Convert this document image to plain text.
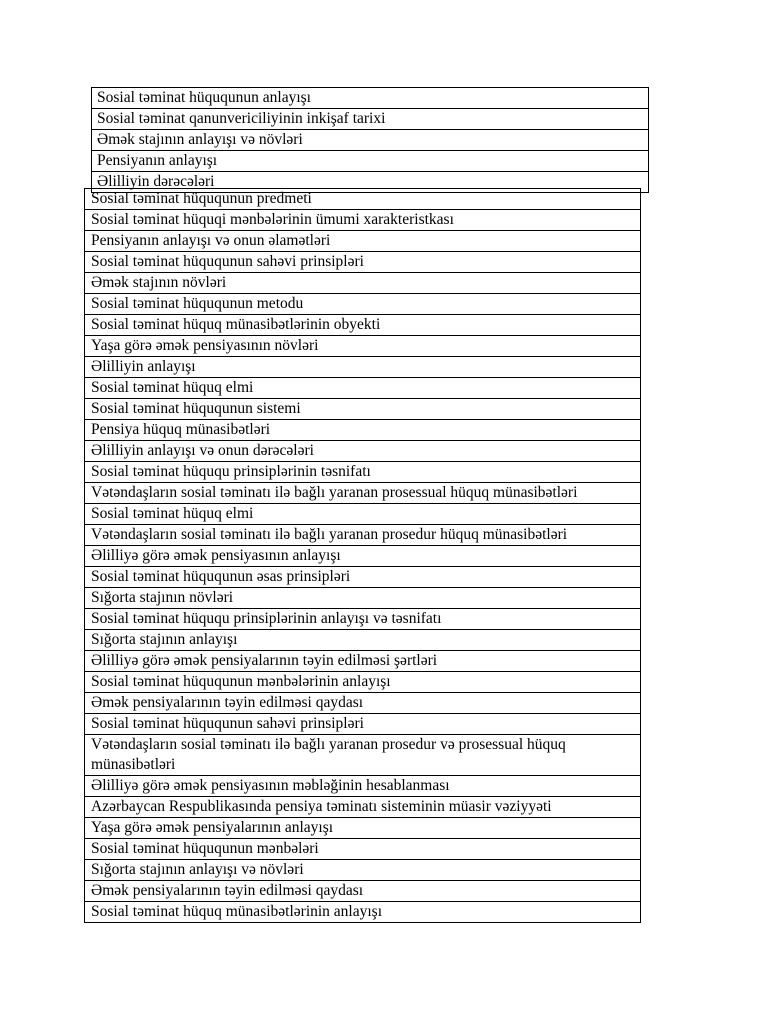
Sosial təminat hüququnun anlayışı
Sosial təminat qanunvericiliyinin inkişaf tarixi
Əmək stajının anlayışı və növləri
Pensiyanın anlayışı
Əlilliyin dərəcələri
Sosial təminat hüququnun predmeti
Sosial təminat hüquqi mənbələrinin ümumi xarakteristkası
Pensiyanın anlayışı və onun əlamətləri
Sosial təminat hüququnun sahəvi prinsipləri
Əmək stajının növləri
Sosial təminat hüququnun metodu
Sosial təminat hüquq münasibətlərinin obyekti
Yaşa görə əmək pensiyasının növləri
Əlilliyin anlayışı
Sosial təminat hüquq elmi
Sosial təminat hüququnun sistemi
Pensiya hüquq münasibətləri
Əlilliyin anlayışı və onun dərəcələri
Sosial təminat hüququ prinsiplərinin təsnifatı
Vətəndaşların sosial təminatı ilə bağlı yaranan prosessual hüquq münasibətləri
Sosial təminat hüquq elmi
Vətəndaşların sosial təminatı ilə bağlı yaranan prosedur hüquq münasibətləri
Əlilliyə görə əmək pensiyasının anlayışı
Sosial təminat hüququnun əsas prinsipləri
Sığorta stajının növləri
Sosial təminat hüququ prinsiplərinin anlayışı və təsnifatı
Sığorta stajının anlayışı
Əlilliyə görə əmək pensiyalarının təyin edilməsi şərtləri
Sosial təminat hüququnun mənbələrinin anlayışı
Əmək pensiyalarının təyin edilməsi qaydası
Sosial təminat hüququnun sahəvi prinsipləri
Vətəndaşların sosial təminatı ilə bağlı yaranan prosedur və prosessual hüquq münasibətləri
Əlilliyə görə əmək pensiyasının məbləğinin hesablanması
Azərbaycan Respublikasında pensiya təminatı sisteminin müasir vəziyyəti
Yaşa görə əmək pensiyalarının anlayışı
Sosial təminat hüququnun mənbələri
Sığorta stajının anlayışı və növləri
Əmək pensiyalarının təyin edilməsi qaydası
Sosial təminat hüquq münasibətlərinin anlayışı
